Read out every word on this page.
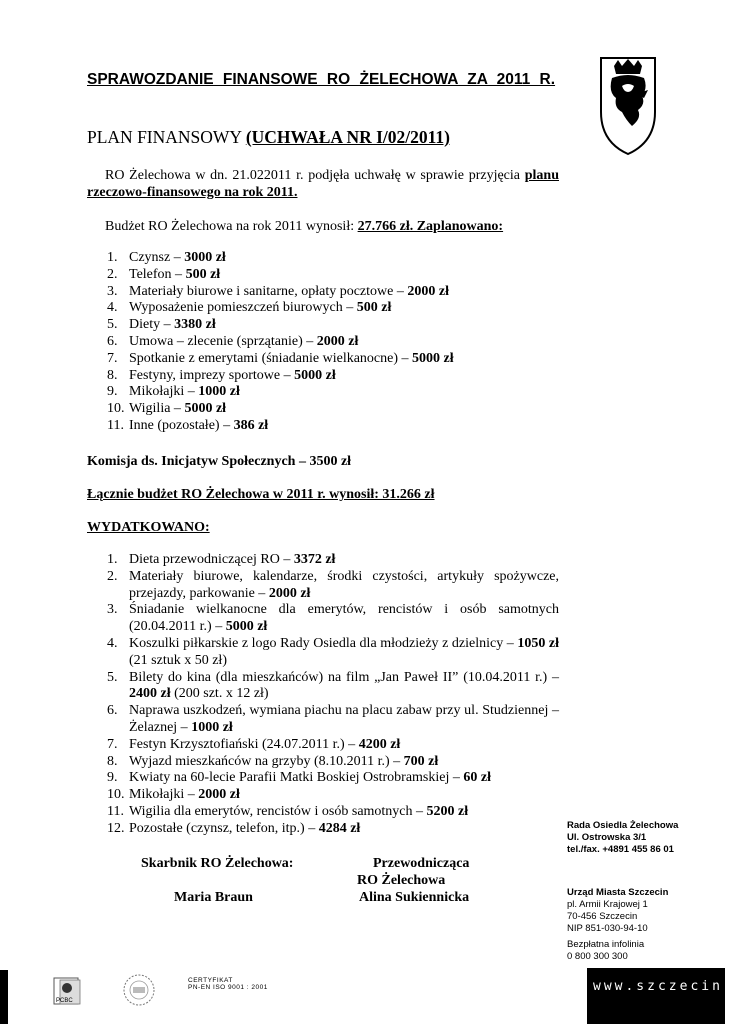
SPRAWOZDANIE FINANSOWE RO ŻELECHOWA ZA 2011 R.
PLAN FINANSOWY (UCHWAŁA NR I/02/2011)
RO Żelechowa w dn. 21.022011 r. podjęła uchwałę w sprawie przyjęcia planu rzeczowo-finansowego na rok 2011.
Budżet RO Żelechowa na rok 2011 wynosił: 27.766 zł. Zaplanowano:
1. Czynsz – 3000 zł
2. Telefon – 500 zł
3. Materiały biurowe i sanitarne, opłaty pocztowe – 2000 zł
4. Wyposażenie pomieszczeń biurowych – 500 zł
5. Diety – 3380 zł
6. Umowa – zlecenie (sprzątanie) – 2000 zł
7. Spotkanie z emerytami (śniadanie wielkanocne) – 5000 zł
8. Festyny, imprezy sportowe – 5000 zł
9. Mikołajki – 1000 zł
10. Wigilia – 5000 zł
11. Inne (pozostałe) – 386 zł
Komisja ds. Inicjatyw Społecznych – 3500 zł
Łącznie budżet RO Żelechowa w 2011 r. wynosił: 31.266 zł
WYDATKOWANO:
1. Dieta przewodniczącej RO – 3372 zł
2. Materiały biurowe, kalendarze, środki czystości, artykuły spożywcze, przejazdy, parkowanie – 2000 zł
3. Śniadanie wielkanocne dla emerytów, rencistów i osób samotnych (20.04.2011 r.) – 5000 zł
4. Koszulki piłkarskie z logo Rady Osiedla dla młodzieży z dzielnicy – 1050 zł (21 sztuk x 50 zł)
5. Bilety do kina (dla mieszkańców) na film „Jan Paweł II” (10.04.2011 r.) – 2400 zł (200 szt. x 12 zł)
6. Naprawa uszkodzeń, wymiana piachu na placu zabaw przy ul. Studziennej – Żelaznej – 1000 zł
7. Festyn Krzysztofiański (24.07.2011 r.) – 4200 zł
8. Wyjazd mieszkańców na grzyby (8.10.2011 r.) – 700 zł
9. Kwiaty na 60-lecie Parafii Matki Boskiej Ostrobramskiej – 60 zł
10. Mikołajki – 2000 zł
11. Wigilia dla emerytów, rencistów i osób samotnych – 5200 zł
12. Pozostałe (czynsz, telefon, itp.) – 4284 zł
Skarbnik RO Żelechowa:
Maria Braun
Przewodnicząca
RO Żelechowa
Alina Sukiennicka
Rada Osiedla Żelechowa
Ul. Ostrowska 3/1
tel./fax. +4891 455 86 01
Urząd Miasta Szczecin
pl. Armii Krajowej 1
70-456 Szczecin
NIP 851-030-94-10
Bezpłatna infolinia
0 800 300 300
PCBC
CERTYFIKAT
PN-EN ISO 9001 : 2001	www.szczecin.pl
